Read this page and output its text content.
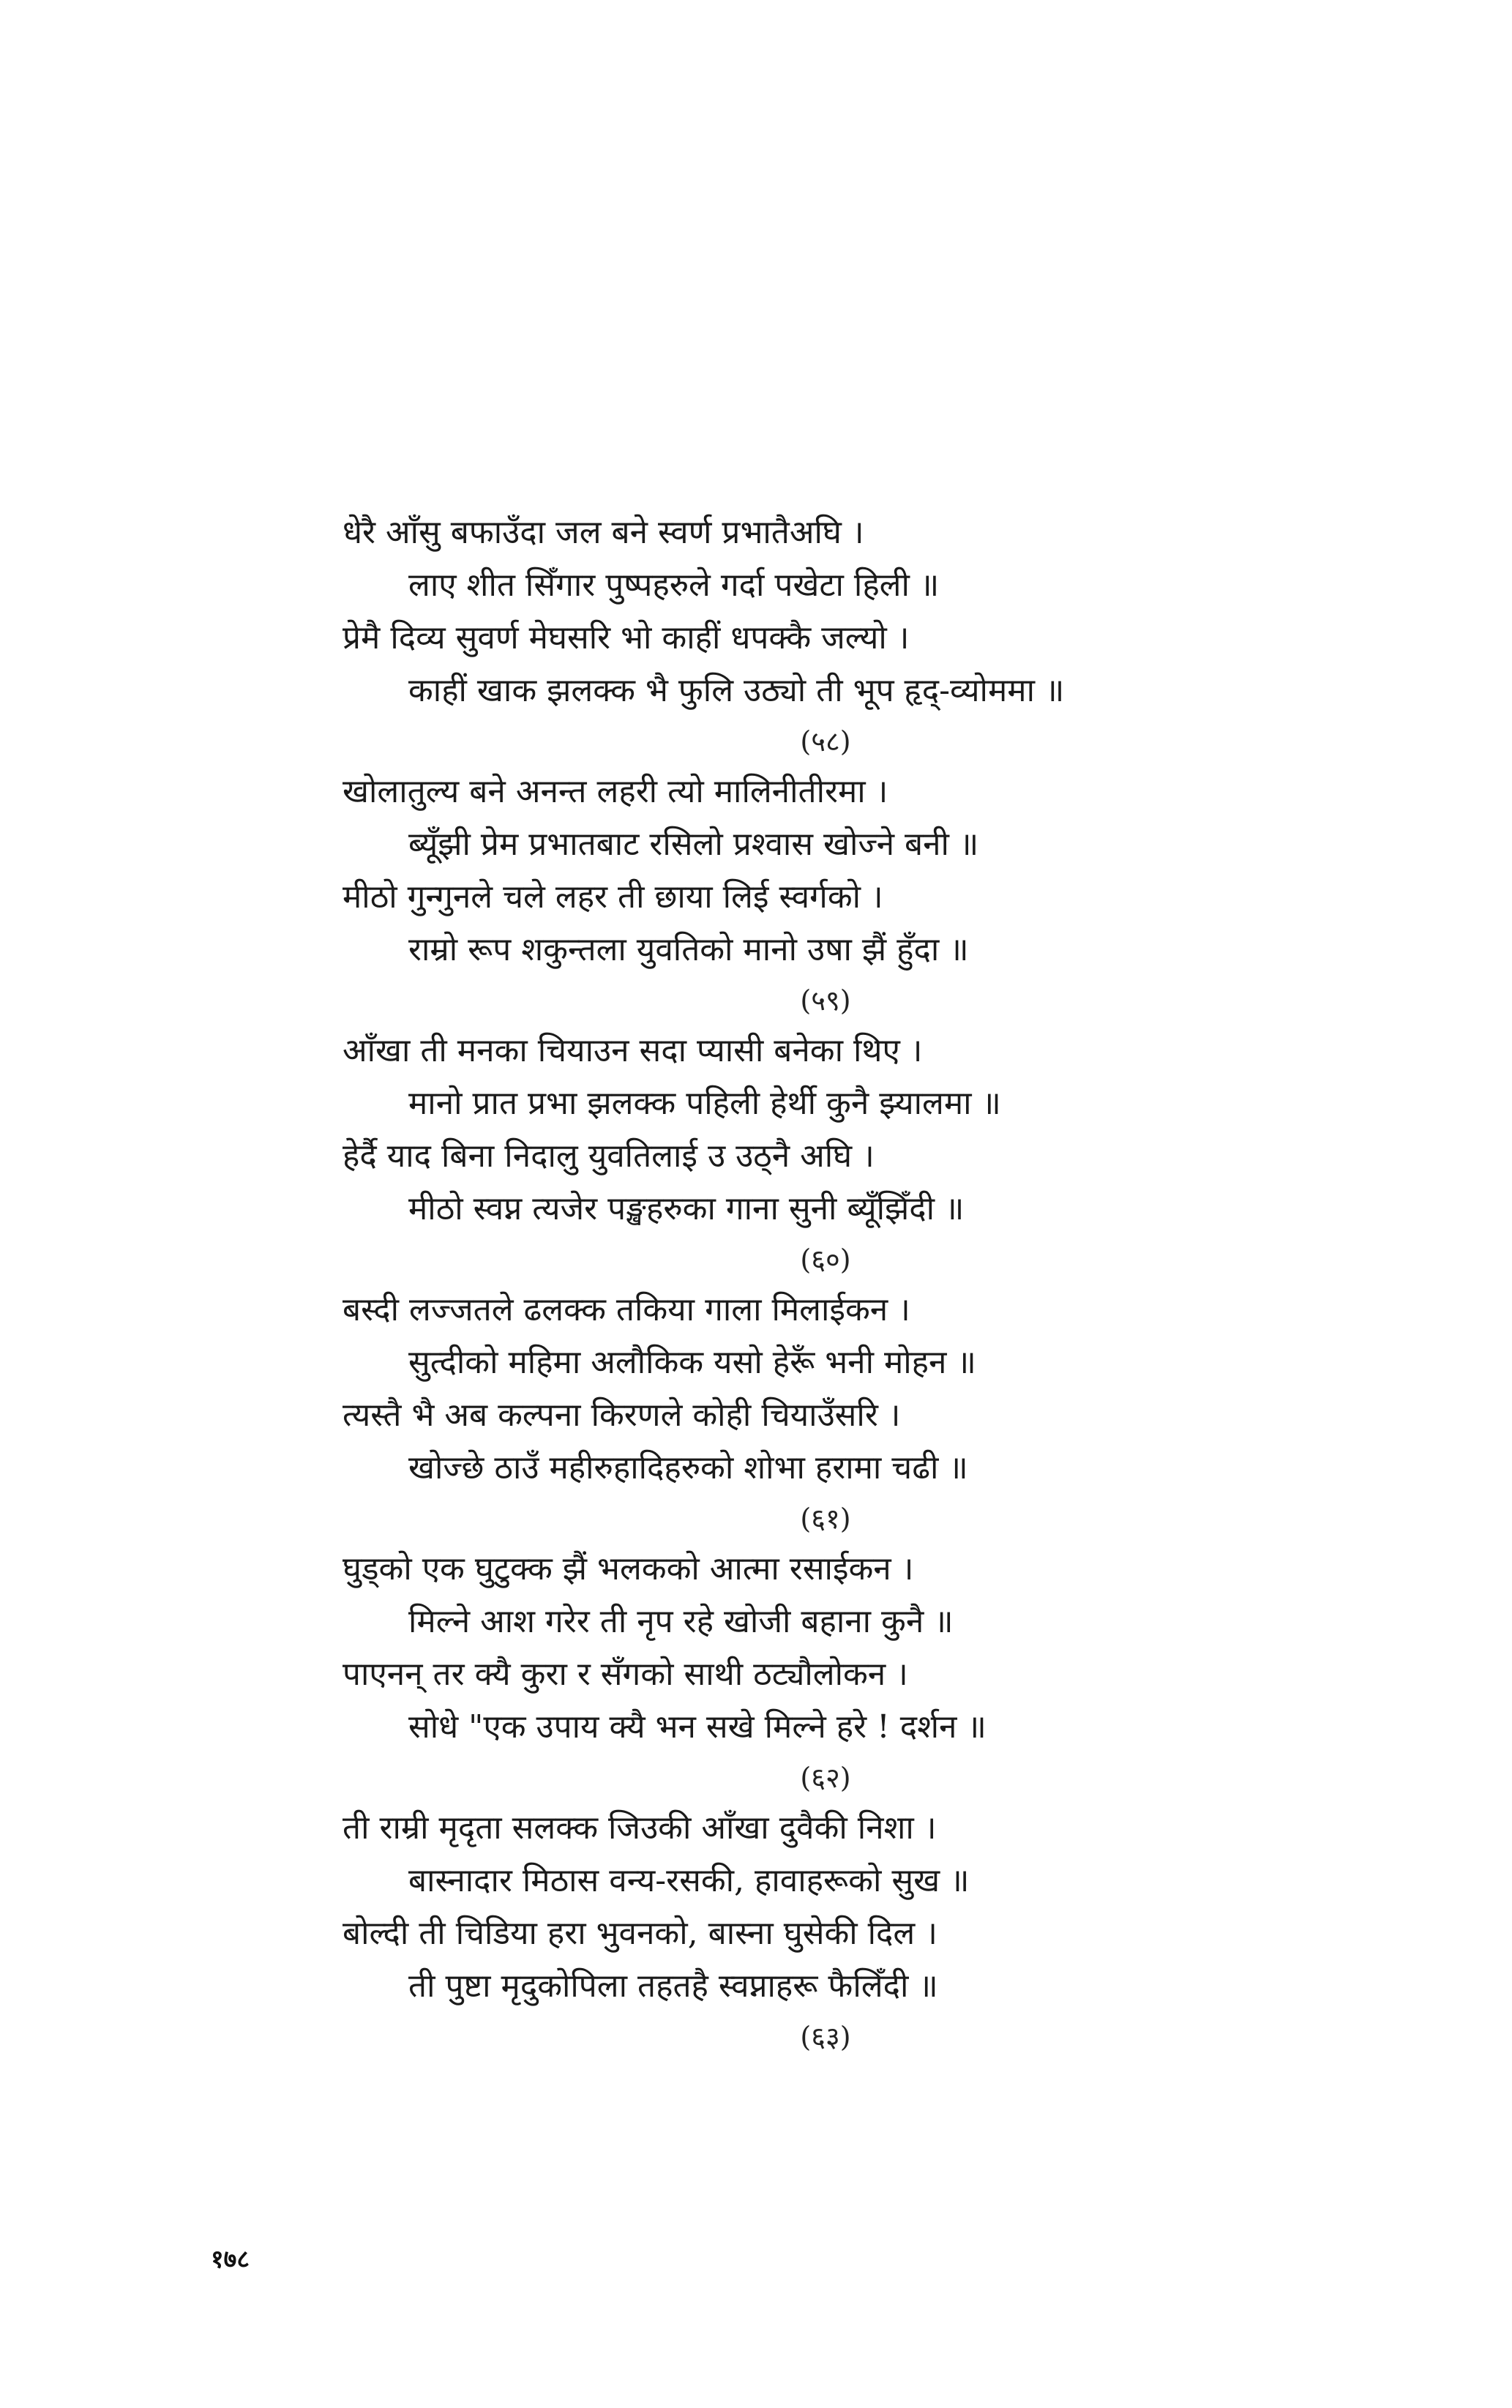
धेरै आँसु बफाउँदा जल बने स्वर्ण प्रभातैअघि ।
लाए शीत सिँगार पुष्पहरुले गर्दा पखेटा हिली ॥
प्रेमै दिव्य सुवर्ण मेघसरि भो काहीं धपक्कै जल्यो ।
काहीं खाक झलक्क भै फुलि उठ्यो ती भूप हृद्-व्योममा ॥
(५८)
खोलातुल्य बने अनन्त लहरी त्यो मालिनीतीरमा ।
ब्यूँझी प्रेम प्रभातबाट रसिलो प्रश्वास खोज्ने बनी ॥
मीठो गुन्गुनले चले लहर ती छाया लिई स्वर्गको ।
राम्रो रूप शकुन्तला युवतिको मानो उषा झैं हुँदा ॥
(५९)
आँखा ती मनका चियाउन सदा प्यासी बनेका थिए ।
मानो प्रात प्रभा झलक्क पहिली हेर्थी कुनै झ्यालमा ॥
हेर्दै याद बिना निदालु युवतिलाई उ उठ्नै अघि ।
मीठो स्वप्न त्यजेर पङ्खहरुका गाना सुनी ब्यूँझिँदी ॥
(६०)
बस्दी लज्जतले ढलक्क तकिया गाला मिलाईकन ।
सुत्दीको महिमा अलौकिक यसो हेरूँ भनी मोहन ॥
त्यस्तै भै अब कल्पना किरणले कोही चियाउँसरि ।
खोज्छे ठाउँ महीरुहादिहरुको शोभा हरामा चढी ॥
(६१)
घुड्को एक घुटुक्क झैं भलकको आत्मा रसाईकन ।
मिल्ने आश गरेर ती नृप रहे खोजी बहाना कुनै ॥
पाएनन् तर क्यै कुरा र सँगको साथी ठट्यौलोकन ।
सोधे "एक उपाय क्यै भन सखे मिल्ने हरे ! दर्शन ॥
(६२)
ती राम्री मृदृता सलक्क जिउकी आँखा दुवैकी निशा ।
बास्नादार मिठास वन्य-रसकी, हावाहरूको सुख ॥
बोल्दी ती चिडिया हरा भुवनको, बास्ना घुसेकी दिल ।
ती पुष्टा मृदुकोपिला तहतहै स्वप्नाहरू फैलिँदी ॥
(६३)
१७८
